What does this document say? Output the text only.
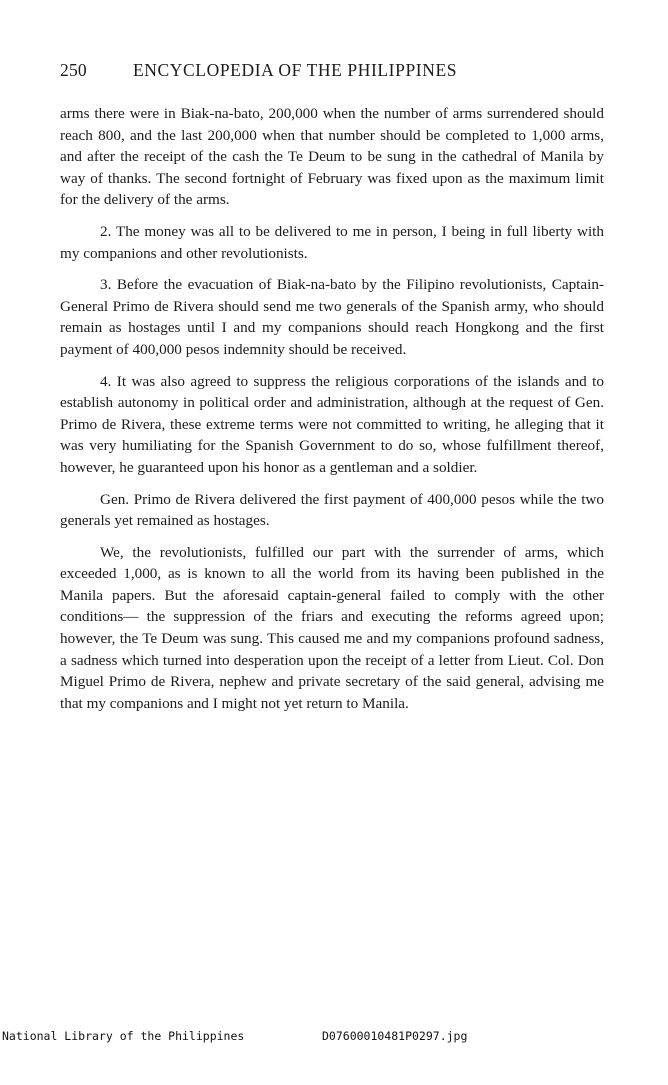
250	ENCYCLOPEDIA OF THE PHILIPPINES

arms there were in Biak-na-bato, 200,000 when the number of arms surrendered should reach 800, and the last 200,000 when that number should be completed to 1,000 arms, and after the receipt of the cash the Te Deum to be sung in the cathedral of Manila by way of thanks. The second fortnight of February was fixed upon as the maximum limit for the delivery of the arms.

2. The money was all to be delivered to me in person, I being in full liberty with my companions and other revolutionists.

3. Before the evacuation of Biak-na-bato by the Filipino revolutionists, Captain-General Primo de Rivera should send me two generals of the Spanish army, who should remain as hostages until I and my companions should reach Hongkong and the first payment of 400,000 pesos indemnity should be received.

4. It was also agreed to suppress the religious corporations of the islands and to establish autonomy in political order and administration, although at the request of Gen. Primo de Rivera, these extreme terms were not committed to writing, he alleging that it was very humiliating for the Spanish Government to do so, whose fulfillment thereof, however, he guaranteed upon his honor as a gentleman and a soldier.

Gen. Primo de Rivera delivered the first payment of 400,000 pesos while the two generals yet remained as hostages.

We, the revolutionists, fulfilled our part with the surrender of arms, which exceeded 1,000, as is known to all the world from its having been published in the Manila papers. But the aforesaid captain-general failed to comply with the other conditions— the suppression of the friars and executing the reforms agreed upon; however, the Te Deum was sung. This caused me and my companions profound sadness, a sadness which turned into desperation upon the receipt of a letter from Lieut. Col. Don Miguel Primo de Rivera, nephew and private secretary of the said general, advising me that my companions and I might not yet return to Manila.

National Library of the Philippines

	D07600010481P0297.jpg
